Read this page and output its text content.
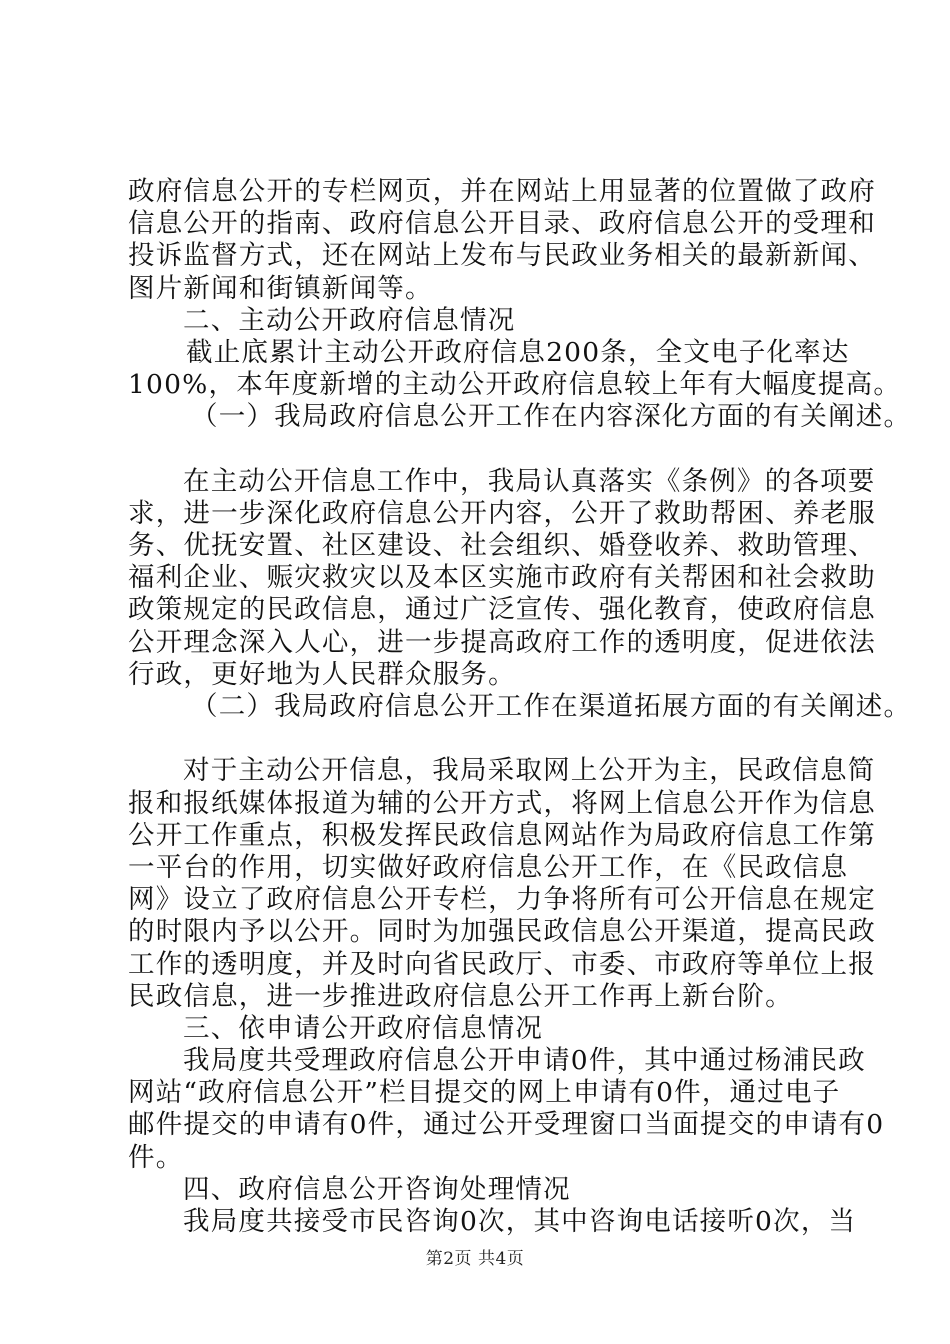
政府信息公开的专栏网页，并在网站上用显著的位置做了政府
信息公开的指南、政府信息公开目录、政府信息公开的受理和
投诉监督方式，还在网站上发布与民政业务相关的最新新闻、
图片新闻和街镇新闻等。
二、主动公开政府信息情况
截止底累计主动公开政府信息200条，全文电子化率达
100%，本年度新增的主动公开政府信息较上年有大幅度提高。
（一）我局政府信息公开工作在内容深化方面的有关阐述。
在主动公开信息工作中，我局认真落实《条例》的各项要
求，进一步深化政府信息公开内容，公开了救助帮困、养老服
务、优抚安置、社区建设、社会组织、婚登收养、救助管理、
福利企业、赈灾救灾以及本区实施市政府有关帮困和社会救助
政策规定的民政信息，通过广泛宣传、强化教育，使政府信息
公开理念深入人心，进一步提高政府工作的透明度，促进依法
行政，更好地为人民群众服务。
（二）我局政府信息公开工作在渠道拓展方面的有关阐述。
对于主动公开信息，我局采取网上公开为主，民政信息简
报和报纸媒体报道为辅的公开方式，将网上信息公开作为信息
公开工作重点，积极发挥民政信息网站作为局政府信息工作第
一平台的作用，切实做好政府信息公开工作，在《民政信息
网》设立了政府信息公开专栏，力争将所有可公开信息在规定
的时限内予以公开。同时为加强民政信息公开渠道，提高民政
工作的透明度，并及时向省民政厅、市委、市政府等单位上报
民政信息，进一步推进政府信息公开工作再上新台阶。
三、依申请公开政府信息情况
我局度共受理政府信息公开申请0件，其中通过杨浦民政
网站“政府信息公开”栏目提交的网上申请有0件，通过电子
邮件提交的申请有0件，通过公开受理窗口当面提交的申请有0
件。
四、政府信息公开咨询处理情况
我局度共接受市民咨询0次，其中咨询电话接听0次，当
第2页 共4页
